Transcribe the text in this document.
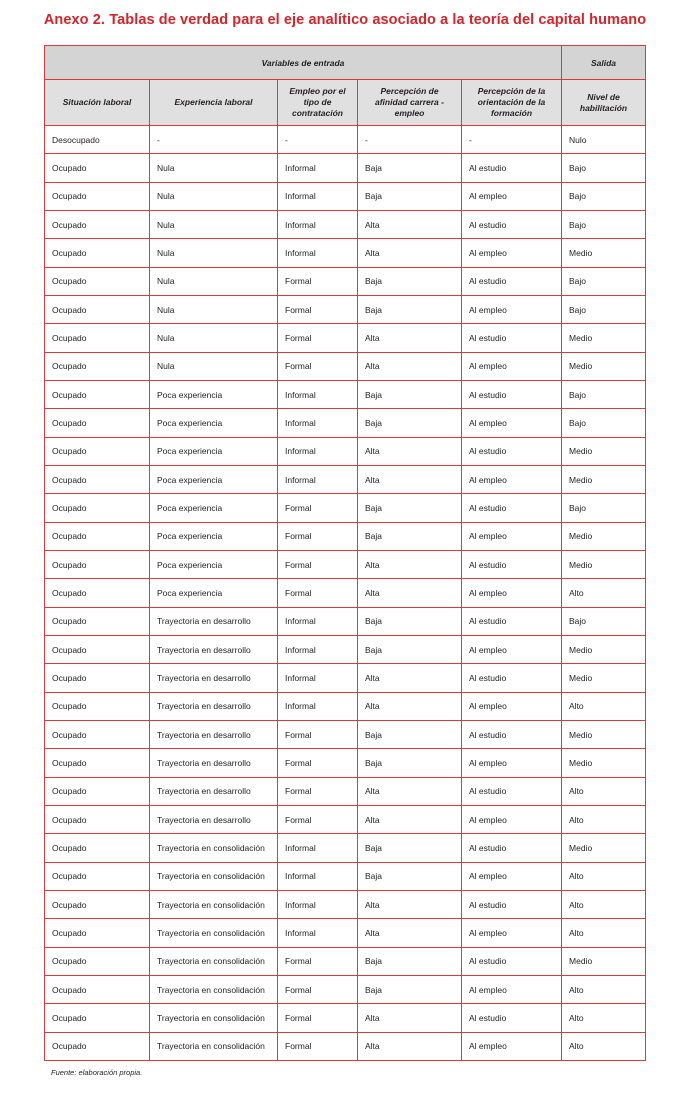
Anexo 2. Tablas de verdad para el eje analítico asociado a la teoría del capital humano
Variables de entrada					Salida
Situación laboral	Experiencia laboral	Empleo por el tipo de contratación	Percepción de afinidad carrera - empleo	Percepción de la orientación de la formación	Nivel de habilitación
Desocupado	-	-	-	-	Nulo
Ocupado	Nula	Informal	Baja	Al estudio	Bajo
Ocupado	Nula	Informal	Baja	Al empleo	Bajo
Ocupado	Nula	Informal	Alta	Al estudio	Bajo
Ocupado	Nula	Informal	Alta	Al empleo	Medio
Ocupado	Nula	Formal	Baja	Al estudio	Bajo
Ocupado	Nula	Formal	Baja	Al empleo	Bajo
Ocupado	Nula	Formal	Alta	Al estudio	Medio
Ocupado	Nula	Formal	Alta	Al empleo	Medio
Ocupado	Poca experiencia	Informal	Baja	Al estudio	Bajo
Ocupado	Poca experiencia	Informal	Baja	Al empleo	Bajo
Ocupado	Poca experiencia	Informal	Alta	Al estudio	Medio
Ocupado	Poca experiencia	Informal	Alta	Al empleo	Medio
Ocupado	Poca experiencia	Formal	Baja	Al estudio	Bajo
Ocupado	Poca experiencia	Formal	Baja	Al empleo	Medio
Ocupado	Poca experiencia	Formal	Alta	Al estudio	Medio
Ocupado	Poca experiencia	Formal	Alta	Al empleo	Alto
Ocupado	Trayectoria en desarrollo	Informal	Baja	Al estudio	Bajo
Ocupado	Trayectoria en desarrollo	Informal	Baja	Al empleo	Medio
Ocupado	Trayectoria en desarrollo	Informal	Alta	Al estudio	Medio
Ocupado	Trayectoria en desarrollo	Informal	Alta	Al empleo	Alto
Ocupado	Trayectoria en desarrollo	Formal	Baja	Al estudio	Medio
Ocupado	Trayectoria en desarrollo	Formal	Baja	Al empleo	Medio
Ocupado	Trayectoria en desarrollo	Formal	Alta	Al estudio	Alto
Ocupado	Trayectoria en desarrollo	Formal	Alta	Al empleo	Alto
Ocupado	Trayectoria en consolidación	Informal	Baja	Al estudio	Medio
Ocupado	Trayectoria en consolidación	Informal	Baja	Al empleo	Alto
Ocupado	Trayectoria en consolidación	Informal	Alta	Al estudio	Alto
Ocupado	Trayectoria en consolidación	Informal	Alta	Al empleo	Alto
Ocupado	Trayectoria en consolidación	Formal	Baja	Al estudio	Medio
Ocupado	Trayectoria en consolidación	Formal	Baja	Al empleo	Alto
Ocupado	Trayectoria en consolidación	Formal	Alta	Al estudio	Alto
Ocupado	Trayectoria en consolidación	Formal	Alta	Al empleo	Alto
Fuente: elaboración propia.
